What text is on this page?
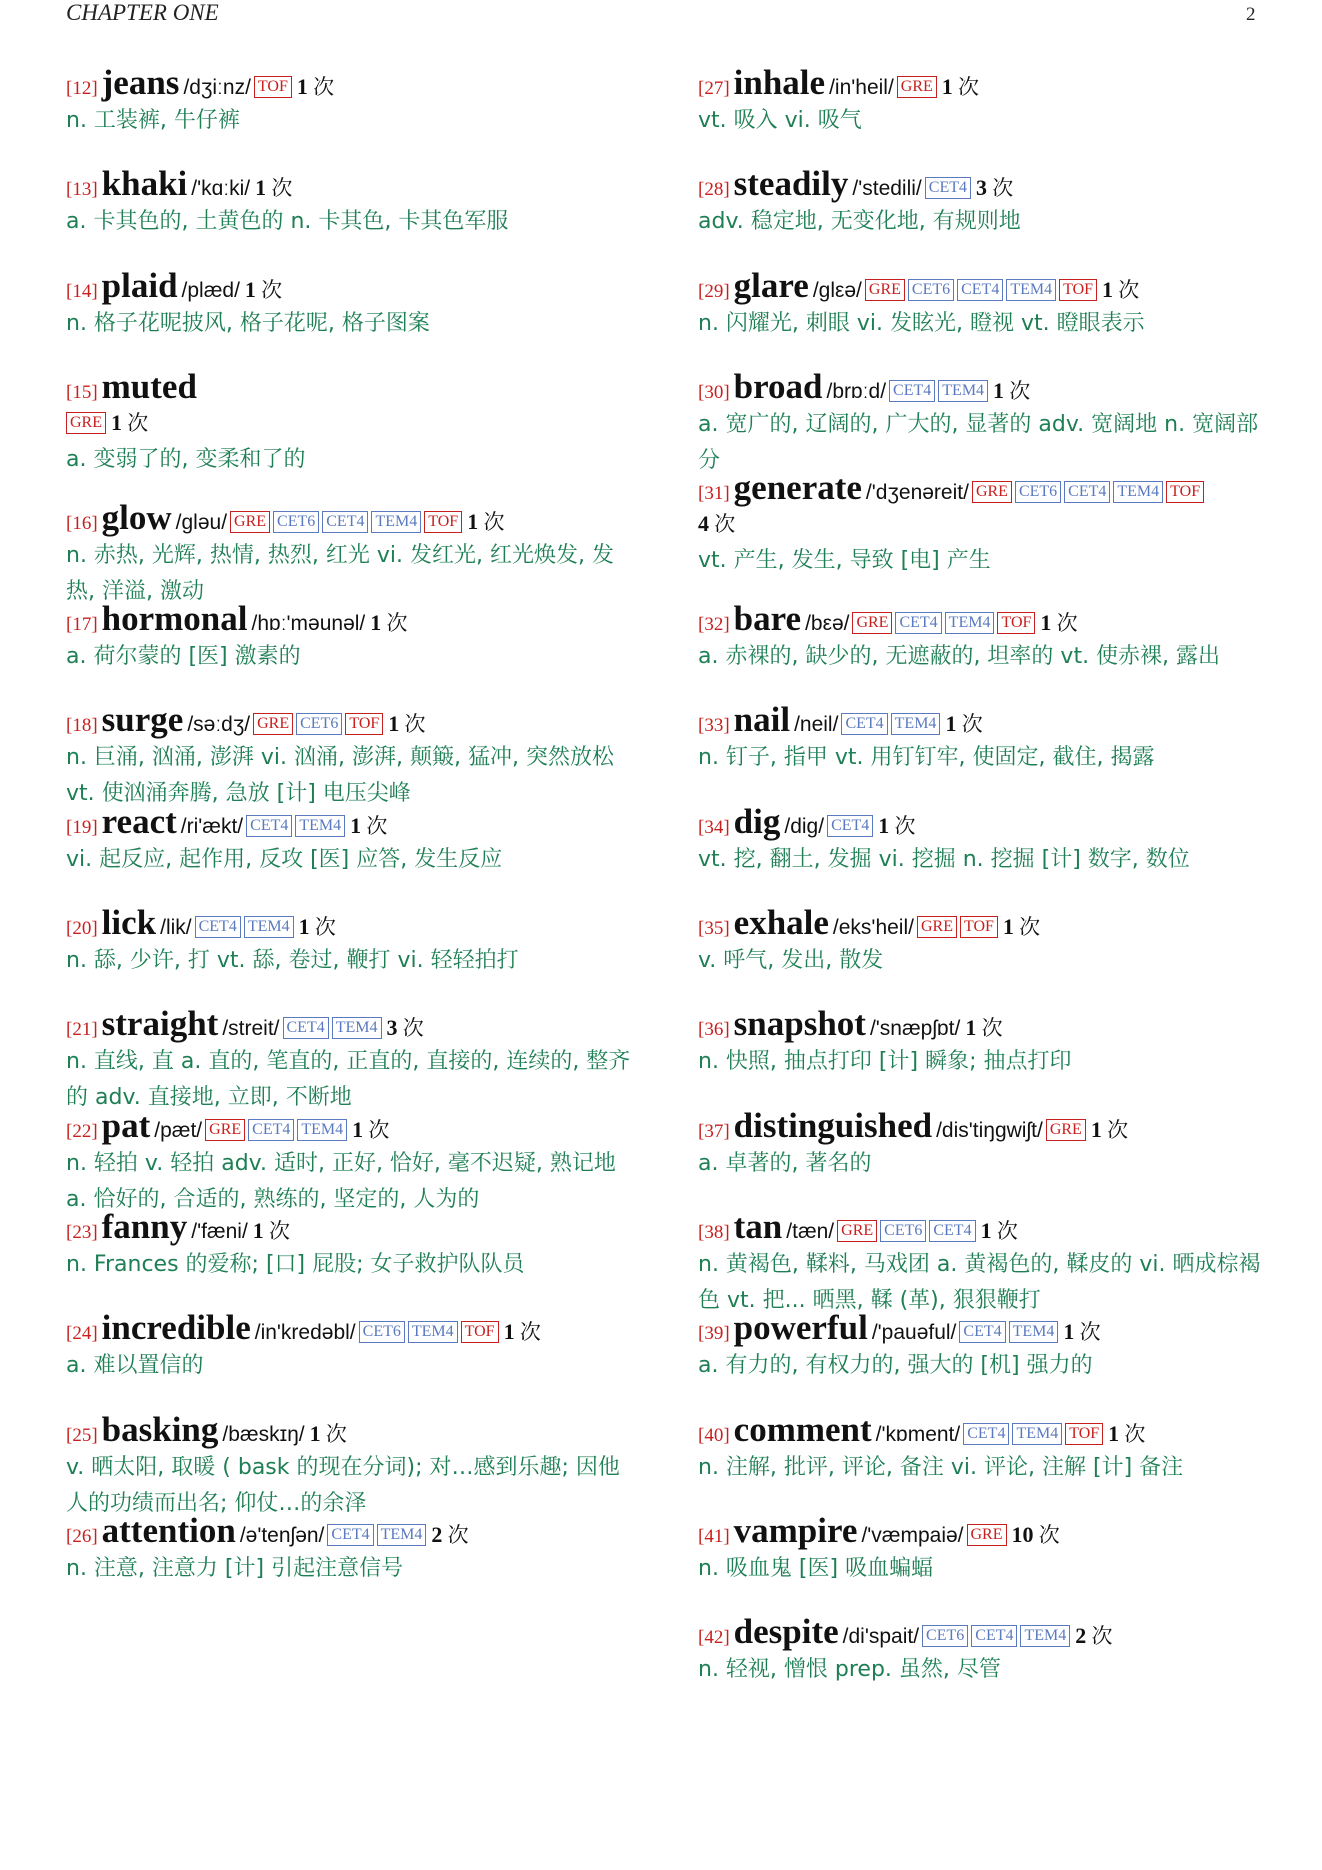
CHAPTER ONE	2
[12] jeans /dʒiːnz/ TOF 1 次
n. 工装裤, 牛仔裤
[13] khaki /'kɑːki/ 1 次
a. 卡其色的, 土黄色的 n. 卡其色, 卡其色军服
[14] plaid /plæd/ 1 次
n. 格子花呢披风, 格子花呢, 格子图案
[15] muted
GRE 1 次
a. 变弱了的, 变柔和了的
[16] glow /gləu/ GRE CET6 CET4 TEM4 TOF 1 次
n. 赤热, 光辉, 热情, 热烈, 红光 vi. 发红光, 红光焕发, 发热, 洋溢, 激动
[17] hormonal /hɒː'məunəl/ 1 次
a. 荷尔蒙的 [医] 激素的
[18] surge /səːdʒ/ GRE CET6 TOF 1 次
n. 巨涌, 汹涌, 澎湃 vi. 汹涌, 澎湃, 颠簸, 猛冲, 突然放松 vt. 使汹涌奔腾, 急放 [计] 电压尖峰
[19] react /ri'ækt/ CET4 TEM4 1 次
vi. 起反应, 起作用, 反攻 [医] 应答, 发生反应
[20] lick /lik/ CET4 TEM4 1 次
n. 舔, 少许, 打 vt. 舔, 卷过, 鞭打 vi. 轻轻拍打
[21] straight /streit/ CET4 TEM4 3 次
n. 直线, 直 a. 直的, 笔直的, 正直的, 直接的, 连续的, 整齐的 adv. 直接地, 立即, 不断地
[22] pat /pæt/ GRE CET4 TEM4 1 次
n. 轻拍 v. 轻拍 adv. 适时, 正好, 恰好, 毫不迟疑, 熟记地 a. 恰好的, 合适的, 熟练的, 坚定的, 人为的
[23] fanny /'fæni/ 1 次
n. Frances 的爱称; [口] 屁股; 女子救护队队员
[24] incredible /in'kredəbl/ CET6 TEM4 TOF 1 次
a. 难以置信的
[25] basking /bæskɪŋ/ 1 次
v. 晒太阳, 取暖 ( bask 的现在分词); 对…感到乐趣; 因他人的功绩而出名; 仰仗…的余泽
[26] attention /ə'tenʃən/ CET4 TEM4 2 次
n. 注意, 注意力 [计] 引起注意信号
[27] inhale /in'heil/ GRE 1 次
vt. 吸入 vi. 吸气
[28] steadily /'stedili/ CET4 3 次
adv. 稳定地, 无变化地, 有规则地
[29] glare /glεə/ GRE CET6 CET4 TEM4 TOF 1 次
n. 闪耀光, 刺眼 vi. 发眩光, 瞪视 vt. 瞪眼表示
[30] broad /brɒːd/ CET4 TEM4 1 次
a. 宽广的, 辽阔的, 广大的, 显著的 adv. 宽阔地 n. 宽阔部分
[31] generate /'dʒenəreit/ GRE CET6 CET4 TEM4 TOF
4 次
vt. 产生, 发生, 导致 [电] 产生
[32] bare /bεə/ GRE CET4 TEM4 TOF 1 次
a. 赤裸的, 缺少的, 无遮蔽的, 坦率的 vt. 使赤裸, 露出
[33] nail /neil/ CET4 TEM4 1 次
n. 钉子, 指甲 vt. 用钉钉牢, 使固定, 截住, 揭露
[34] dig /dig/ CET4 1 次
vt. 挖, 翻土, 发掘 vi. 挖掘 n. 挖掘 [计] 数字, 数位
[35] exhale /eks'heil/ GRE TOF 1 次
v. 呼气, 发出, 散发
[36] snapshot /'snæpʃɒt/ 1 次
n. 快照, 抽点打印 [计] 瞬象; 抽点打印
[37] distinguished /dis'tiŋgwiʃt/ GRE 1 次
a. 卓著的, 著名的
[38] tan /tæn/ GRE CET6 CET4 1 次
n. 黄褐色, 鞣料, 马戏团 a. 黄褐色的, 鞣皮的 vi. 晒成棕褐色 vt. 把... 晒黑, 鞣 (革), 狠狠鞭打
[39] powerful /'pauəful/ CET4 TEM4 1 次
a. 有力的, 有权力的, 强大的 [机] 强力的
[40] comment /'kɒment/ CET4 TEM4 TOF 1 次
n. 注解, 批评, 评论, 备注 vi. 评论, 注解 [计] 备注
[41] vampire /'væmpaiə/ GRE 10 次
n. 吸血鬼 [医] 吸血蝙蝠
[42] despite /di'spait/ CET6 CET4 TEM4 2 次
n. 轻视, 憎恨 prep. 虽然, 尽管
